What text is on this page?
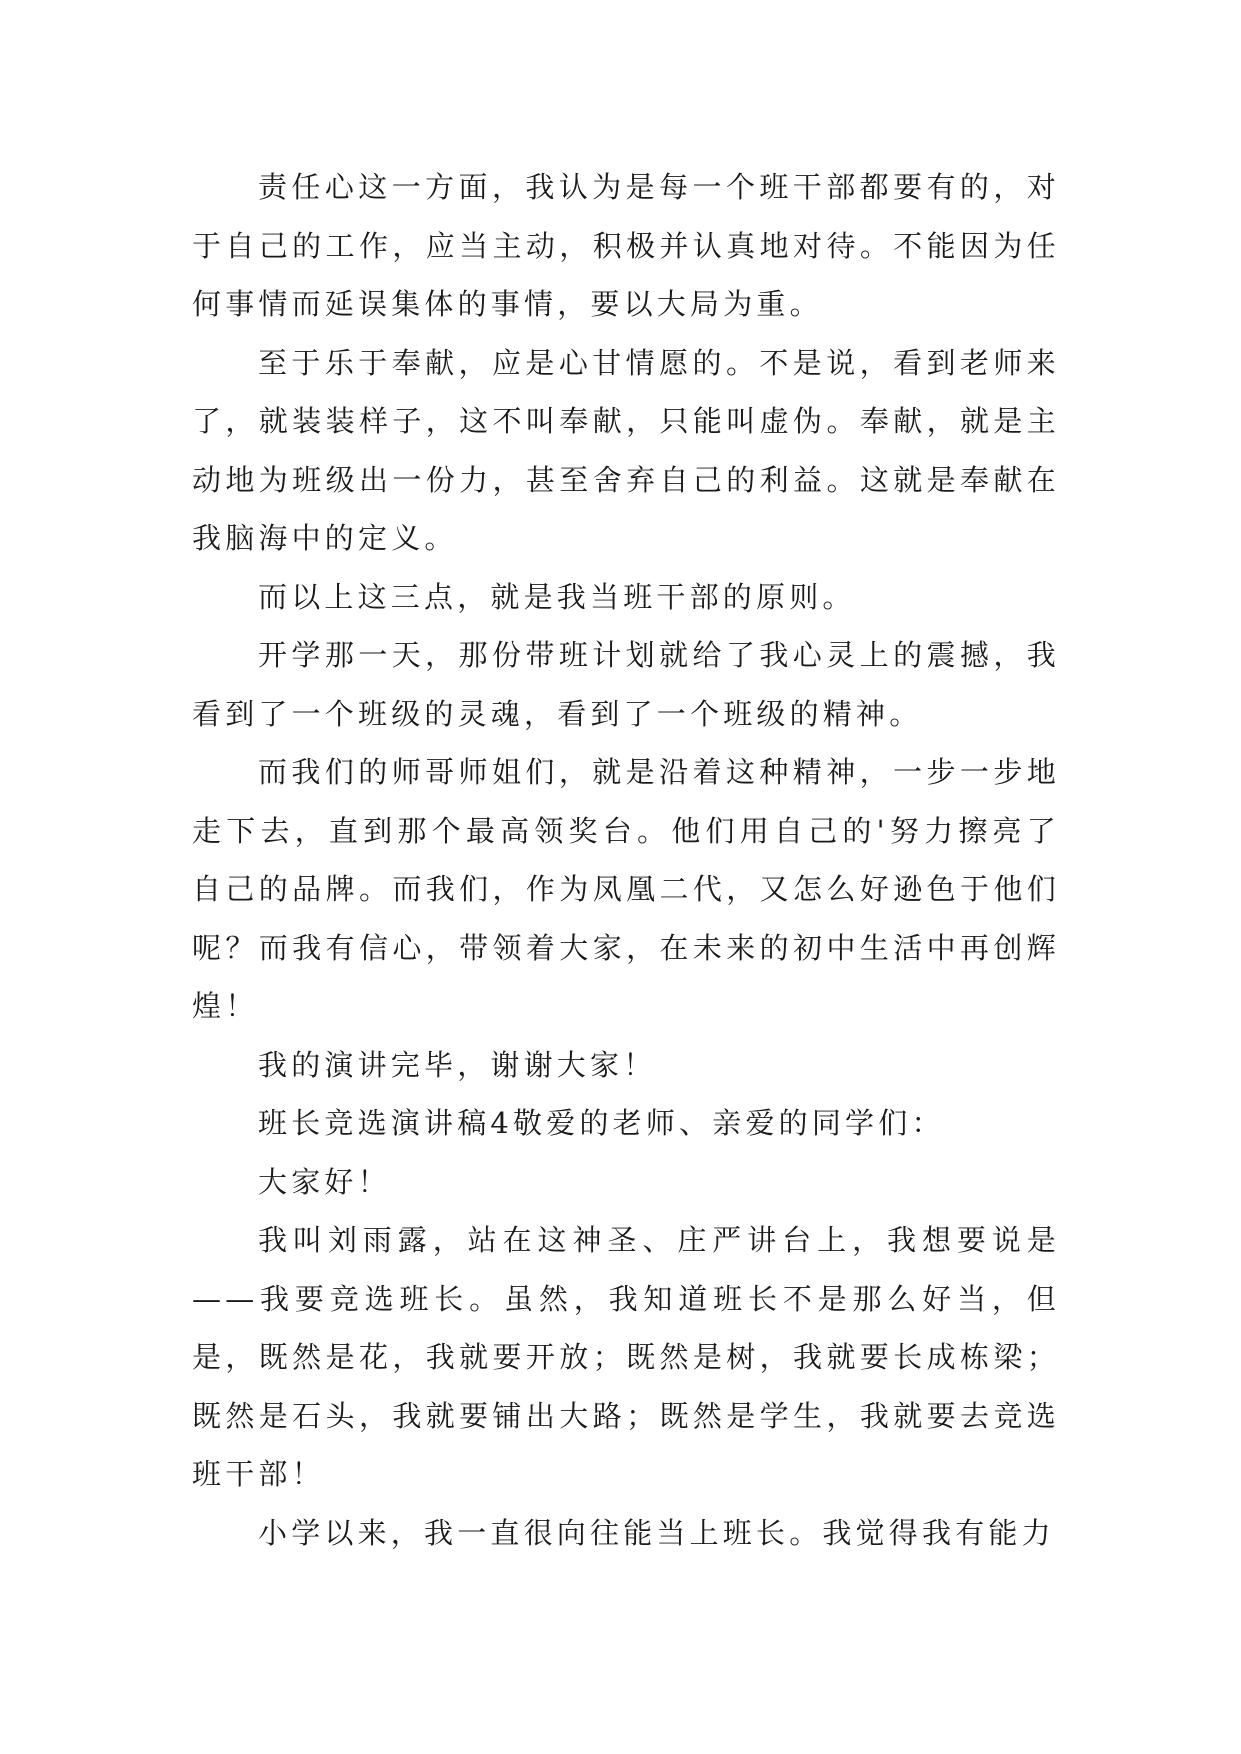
责任心这一方面，我认为是每一个班干部都要有的，对于自己的工作，应当主动，积极并认真地对待。不能因为任何事情而延误集体的事情，要以大局为重。

至于乐于奉献，应是心甘情愿的。不是说，看到老师来了，就装装样子，这不叫奉献，只能叫虚伪。奉献，就是主动地为班级出一份力，甚至舍弃自己的利益。这就是奉献在我脑海中的定义。

而以上这三点，就是我当班干部的原则。

开学那一天，那份带班计划就给了我心灵上的震撼，我看到了一个班级的灵魂，看到了一个班级的精神。

而我们的师哥师姐们，就是沿着这种精神，一步一步地走下去，直到那个最高领奖台。他们用自己的'努力擦亮了自己的品牌。而我们，作为凤凰二代，又怎么好逊色于他们呢？而我有信心，带领着大家，在未来的初中生活中再创辉煌！

我的演讲完毕，谢谢大家！

班长竞选演讲稿4敬爱的老师、亲爱的同学们：

大家好！

我叫刘雨露，站在这神圣、庄严讲台上，我想要说是——我要竞选班长。虽然，我知道班长不是那么好当，但是，既然是花，我就要开放；既然是树，我就要长成栋梁；既然是石头，我就要铺出大路；既然是学生，我就要去竞选班干部！

小学以来，我一直很向往能当上班长。我觉得我有能力
